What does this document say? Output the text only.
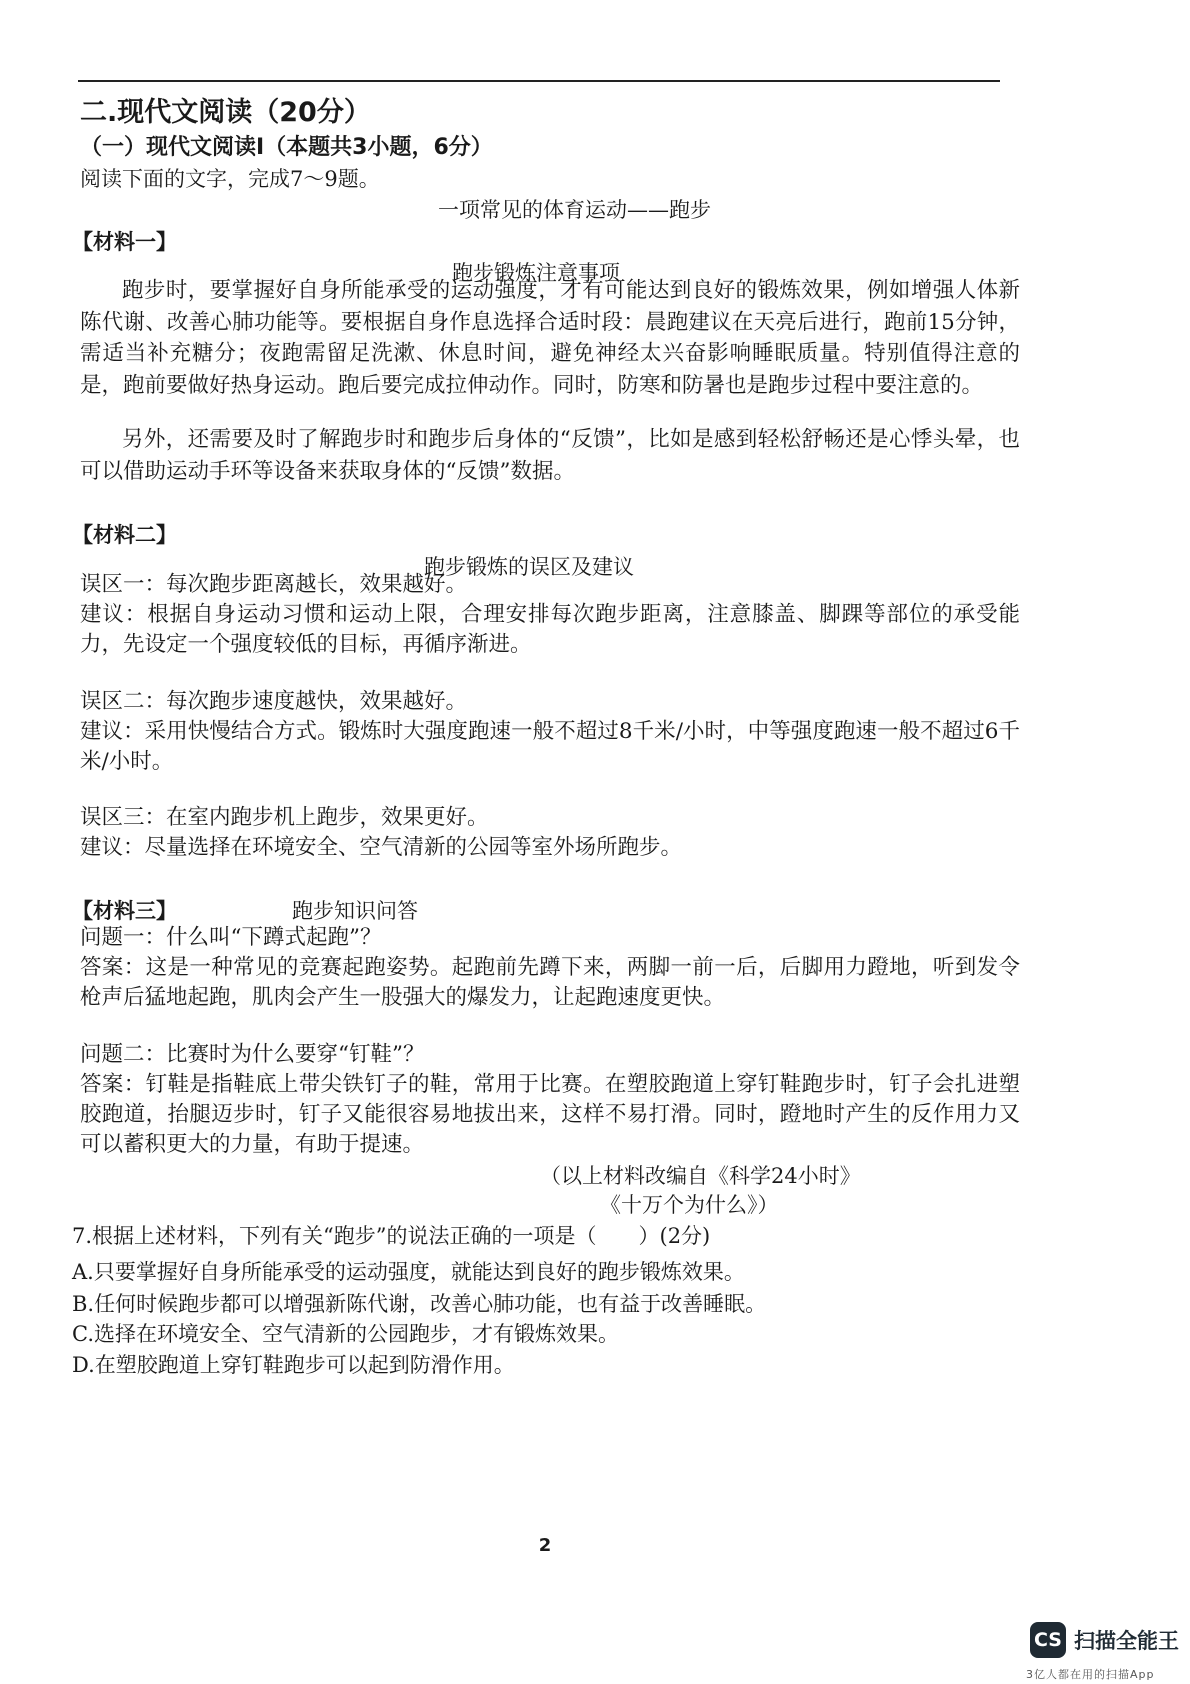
二.现代文阅读（20分）
（一）现代文阅读Ⅰ（本题共3小题，6分）
阅读下面的文字，完成7～9题。
一项常见的体育运动——跑步
【材料一】
跑步锻炼注意事项
跑步时，要掌握好自身所能承受的运动强度，才有可能达到良好的锻炼效果，例如增强人体新陈代谢、改善心肺功能等。要根据自身作息选择合适时段：晨跑建议在天亮后进行，跑前15分钟，需适当补充糖分；夜跑需留足洗漱、休息时间，避免神经太兴奋影响睡眠质量。特别值得注意的是，跑前要做好热身运动。跑后要完成拉伸动作。同时，防寒和防暑也是跑步过程中要注意的。
另外，还需要及时了解跑步时和跑步后身体的“反馈”，比如是感到轻松舒畅还是心悸头晕，也可以借助运动手环等设备来获取身体的“反馈”数据。
【材料二】
跑步锻炼的误区及建议
误区一：每次跑步距离越长，效果越好。
建议：根据自身运动习惯和运动上限，合理安排每次跑步距离，注意膝盖、脚踝等部位的承受能力，先设定一个强度较低的目标，再循序渐进。
误区二：每次跑步速度越快，效果越好。
建议：采用快慢结合方式。锻炼时大强度跑速一般不超过8千米/小时，中等强度跑速一般不超过6千米/小时。
误区三：在室内跑步机上跑步，效果更好。
建议：尽量选择在环境安全、空气清新的公园等室外场所跑步。
【材料三】	跑步知识问答
问题一：什么叫“下蹲式起跑”？
答案：这是一种常见的竞赛起跑姿势。起跑前先蹲下来，两脚一前一后，后脚用力蹬地，听到发令枪声后猛地起跑，肌肉会产生一股强大的爆发力，让起跑速度更快。
问题二：比赛时为什么要穿“钉鞋”？
答案：钉鞋是指鞋底上带尖铁钉子的鞋，常用于比赛。在塑胶跑道上穿钉鞋跑步时，钉子会扎进塑胶跑道，抬腿迈步时，钉子又能很容易地拔出来，这样不易打滑。同时，蹬地时产生的反作用力又可以蓄积更大的力量，有助于提速。
（以上材料改编自《科学24小时》
《十万个为什么》）
7.根据上述材料，下列有关“跑步”的说法正确的一项是（　　）(2分)
A.只要掌握好自身所能承受的运动强度，就能达到良好的跑步锻炼效果。
B.任何时候跑步都可以增强新陈代谢，改善心肺功能，也有益于改善睡眠。
C.选择在环境安全、空气清新的公园跑步，才有锻炼效果。
D.在塑胶跑道上穿钉鞋跑步可以起到防滑作用。
2
CS 扫描全能王
3亿人都在用的扫描App
